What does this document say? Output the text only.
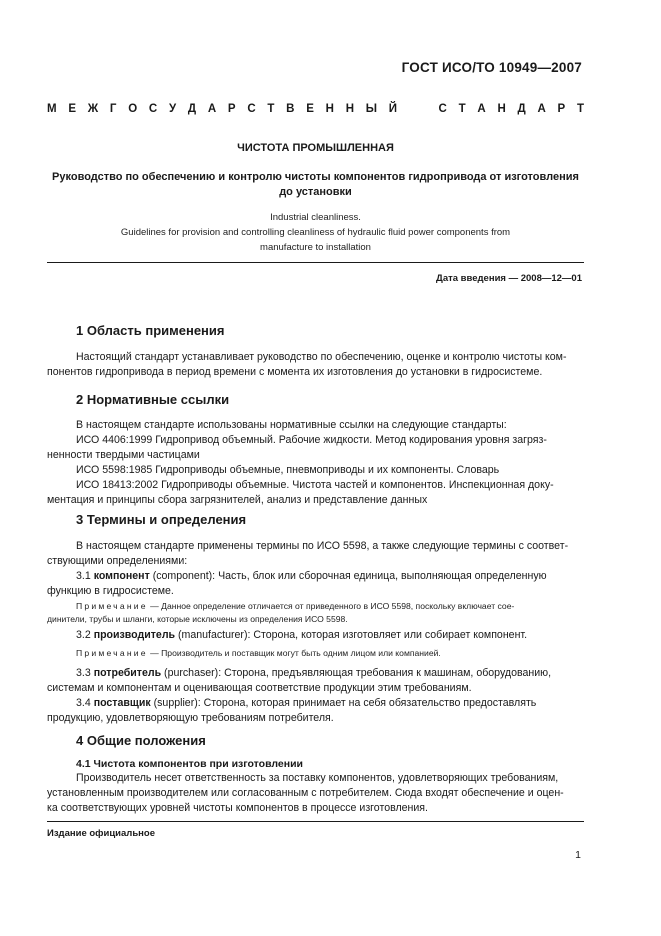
ГОСТ ИСО/ТО 10949—2007
М Е Ж Г О С У Д А Р С Т В Е Н Н Ы Й	С Т А Н Д А Р Т
ЧИСТОТА ПРОМЫШЛЕННАЯ
Руководство по обеспечению и контролю чистоты компонентов гидропривода от изготовления
до установки
Industrial cleanliness.
Guidelines for provision and controlling cleanliness of hydraulic fluid power components from
manufacture to installation
Дата введения — 2008—12—01
1 Область применения
Настоящий стандарт устанавливает руководство по обеспечению, оценке и контролю чистоты ком-
понентов гидропривода в период времени с момента их изготовления до установки в гидросистеме.
2 Нормативные ссылки
В настоящем стандарте использованы нормативные ссылки на следующие стандарты:
ИСО 4406:1999 Гидропривод объемный. Рабочие жидкости. Метод кодирования уровня загряз-
ненности твердыми частицами
ИСО 5598:1985 Гидроприводы объемные, пневмоприводы и их компоненты. Словарь
ИСО 18413:2002 Гидроприводы объемные. Чистота частей и компонентов. Инспекционная доку-
ментация и принципы сбора загрязнителей, анализ и представление данных
3 Термины и определения
В настоящем стандарте применены термины по ИСО 5598, а также следующие термины с соответ-
ствующими определениями:
3.1 компонент (component): Часть, блок или сборочная единица, выполняющая определенную
функцию в гидросистеме.
Примечание — Данное определение отличается от приведенного в ИСО 5598, поскольку включает сое-
динители, трубы и шланги, которые исключены из определения ИСО 5598.
3.2 производитель (manufacturer): Сторона, которая изготовляет или собирает компонент.
Примечание — Производитель и поставщик могут быть одним лицом или компанией.
3.3 потребитель (purchaser): Сторона, предъявляющая требования к машинам, оборудованию,
системам и компонентам и оценивающая соответствие продукции этим требованиям.
3.4 поставщик (supplier): Сторона, которая принимает на себя обязательство предоставлять
продукцию, удовлетворяющую требованиям потребителя.
4 Общие положения
4.1 Чистота компонентов при изготовлении
Производитель несет ответственность за поставку компонентов, удовлетворяющих требованиям,
установленным производителем или согласованным с потребителем. Сюда входят обеспечение и оцен-
ка соответствующих уровней чистоты компонентов в процессе изготовления.
Издание официальное
1
